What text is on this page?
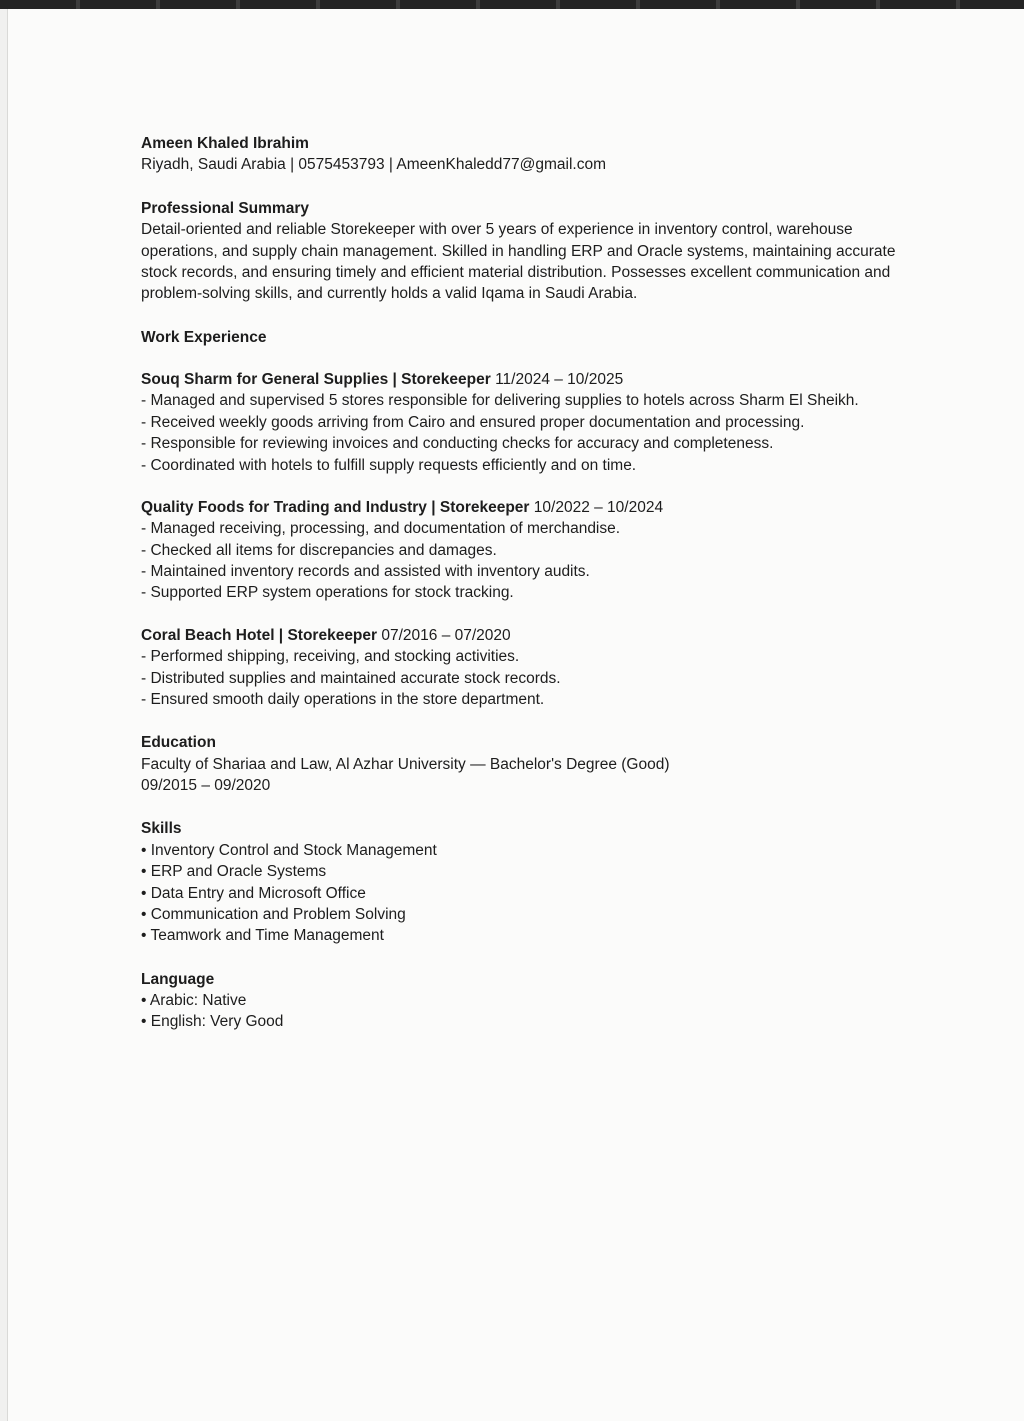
Ameen Khaled Ibrahim
Riyadh, Saudi Arabia | 0575453793 | AmeenKhaledd77@gmail.com
Professional Summary
Detail-oriented and reliable Storekeeper with over 5 years of experience in inventory control, warehouse operations, and supply chain management. Skilled in handling ERP and Oracle systems, maintaining accurate stock records, and ensuring timely and efficient material distribution. Possesses excellent communication and problem-solving skills, and currently holds a valid Iqama in Saudi Arabia.
Work Experience
Souq Sharm for General Supplies | Storekeeper 11/2024 – 10/2025
- Managed and supervised 5 stores responsible for delivering supplies to hotels across Sharm El Sheikh.
- Received weekly goods arriving from Cairo and ensured proper documentation and processing.
- Responsible for reviewing invoices and conducting checks for accuracy and completeness.
- Coordinated with hotels to fulfill supply requests efficiently and on time.
Quality Foods for Trading and Industry | Storekeeper 10/2022 – 10/2024
- Managed receiving, processing, and documentation of merchandise.
- Checked all items for discrepancies and damages.
- Maintained inventory records and assisted with inventory audits.
- Supported ERP system operations for stock tracking.
Coral Beach Hotel | Storekeeper 07/2016 – 07/2020
- Performed shipping, receiving, and stocking activities.
- Distributed supplies and maintained accurate stock records.
- Ensured smooth daily operations in the store department.
Education
Faculty of Shariaa and Law, Al Azhar University — Bachelor's Degree (Good)
09/2015 – 09/2020
Skills
• Inventory Control and Stock Management
• ERP and Oracle Systems
• Data Entry and Microsoft Office
• Communication and Problem Solving
• Teamwork and Time Management
Language
• Arabic: Native
• English: Very Good
